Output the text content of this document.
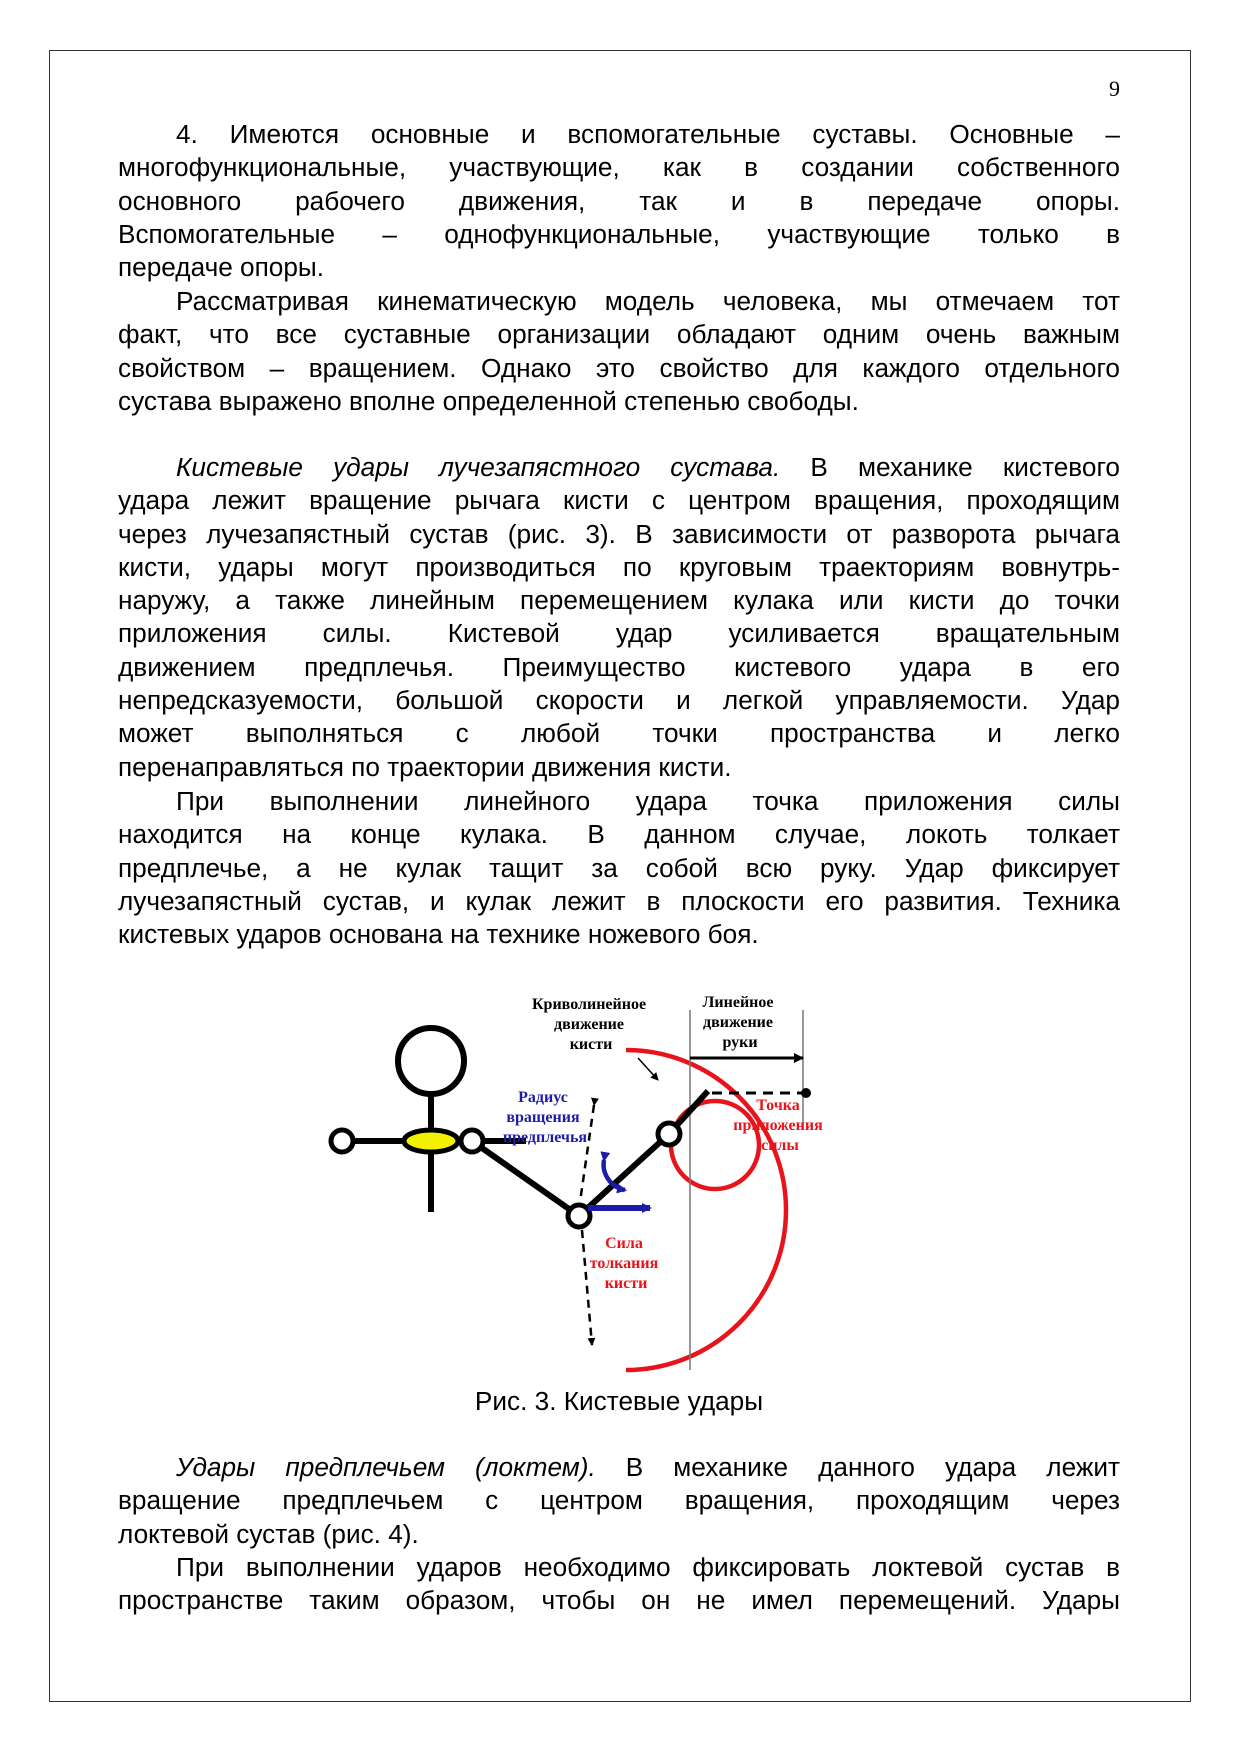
9
4. Имеются основные и вспомогательные суставы. Основные –
многофункциональные, участвующие, как в создании собственного
основного рабочего движения, так и в передаче опоры.
Вспомогательные – однофункциональные, участвующие только в
передаче опоры.
Рассматривая кинематическую модель человека, мы отмечаем тот
факт, что все суставные организации обладают одним очень важным
свойством – вращением. Однако это свойство для каждого отдельного
сустава выражено вполне определенной степенью свободы.
Кистевые удары лучезапястного сустава. В механике кистевого
удара лежит вращение рычага кисти с центром вращения, проходящим
через лучезапястный сустав (рис. 3). В зависимости от разворота рычага
кисти, удары могут производиться по круговым траекториям вовнутрь-
наружу, а также линейным перемещением кулака или кисти до точки
приложения силы. Кистевой удар усиливается вращательным
движением предплечья. Преимущество кистевого удара в его
непредсказуемости, большой скорости и легкой управляемости. Удар
может выполняться с любой точки пространства и легко
перенаправляться по траектории движения кисти.
При выполнении линейного удара точка приложения силы
находится на конце кулака. В данном случае, локоть толкает
предплечье, а не кулак тащит за собой всю руку. Удар фиксирует
лучезапястный сустав, и кулак лежит в плоскости его развития. Техника
кистевых ударов основана на технике ножевого боя.
Криволинейное движение кисти
Линейное движение руки
Радиус вращения предплечья
Точка приложения силы
Сила толкания кисти
Рис. 3. Кистевые удары
Удары предплечьем (локтем). В механике данного удара лежит
вращение предплечьем с центром вращения, проходящим через
локтевой сустав (рис. 4).
При выполнении ударов необходимо фиксировать локтевой сустав в
пространстве таким образом, чтобы он не имел перемещений. Удары
